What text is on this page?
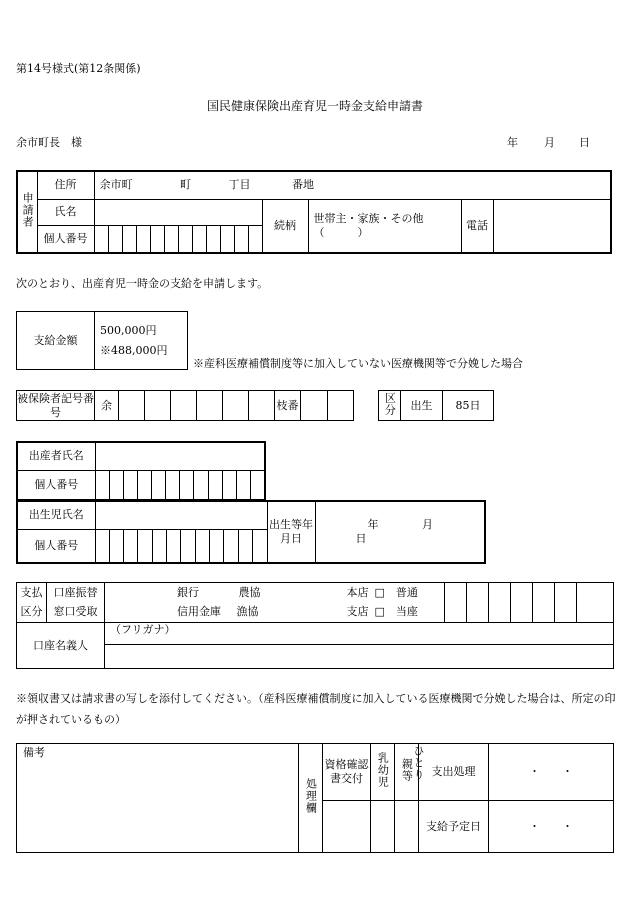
第14号様式(第12条関係)
国民健康保険出産育児一時金支給申請書
余市町長　様	年 月 日
申請者	住所	余市町 町 丁目 番地				
	氏名		続柄	世帯主・家族・その他（　　　）	電話	
	個人番号					
次のとおり、出産育児一時金の支給を申請します。
支給金額	
500,000円
※488,000円
※産科医療補償制度等に加入していない医療機関等で分娩した場合
被保険者記号番号	余							枝番			区分	出生	85日
出産者氏名	
個人番号	
出生児氏名		出生等年月日	年 月 日
個人番号			
支払	口座振替	銀行 農協 本店	□　普通							
区分	窓口受取	信用金庫 漁協 支店	□　当座							
口座名義人		（フリガナ）								

※領収書又は請求書の写しを添付してください。（産科医療補償制度に加入している医療機関で分娩した場合は、所定の印が押されているもの）
備考	処理欄	資格確認書交付	乳幼児	親等	支出処理	・　　・
					支給予定日	・　　・
ひとり
